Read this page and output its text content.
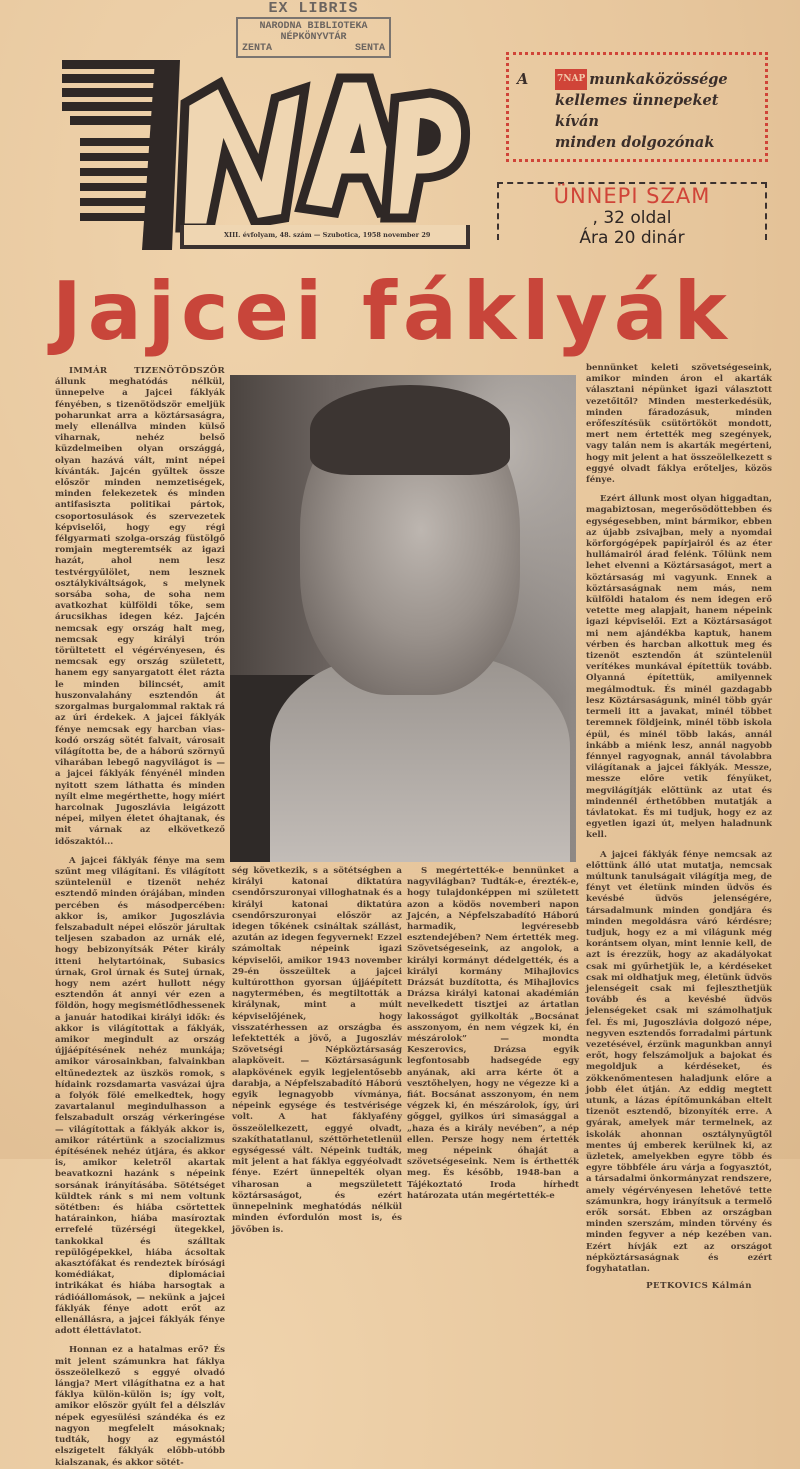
EX LIBRIS
NARODNA BIBLIOTEKA
NÉPKÖNYVTÁR
ZENTA	SENTA
XIII. évfolyam, 48. szám — Szubotica, 1958 november 29
A	7NAP munkaközössége
kellemes ünnepeket
kíván
minden dolgozónak
ÜNNEPI SZAM
, 32 oldal
Ára 20 dinár
Jajcei fáklyák

IMMÁR TIZENÖTÖDSZÖR állunk meghatódás nélkül, ünnepelve a Jajcei fáklyák fényében, s tizenötödször emeljük poharunkat arra a köztársaságra, mely ellenállva minden külső viharnak, nehéz belső küzdelmeiben olyan országgá, olyan hazává vált, mint népei kívánták. Jajcén gyűltek össze először minden nemzetiségek, minden felekezetek és minden antifasiszta politikai pártok, csoportosulások és szervezetek képviselői, hogy egy régi félgyarmati szolga-ország füstölgő romjain megteremtsék az igazi hazát, ahol nem lesz testvérgyűlölet, nem lesznek osztálykiváltságok, s melynek sorsába soha, de soha nem avatkozhat külföldi tőke, sem árucsikhas idegen kéz. Jajcén nemcsak egy ország halt meg, nemcsak egy királyi trón törültetett el végérvényesen, és nemcsak egy ország született, hanem egy sanyargatott élet rázta le minden bilincsét, amit huszonvalahány esztendőn át szorgalmas burgalommal raktak rá az úri érdekek. A jajcei fáklyák fénye nemcsak egy harcban viaskodó ország sötét falvait, városait világította be, de a háború szörnyű viharában lebegő nagyvilágot is — a jajcei fáklyák fényénél minden nyitott szem láthatta és minden nyílt elme megérthette, hogy miért harcolnak Jugoszlávia leigázott népei, milyen életet óhajtanak, és mit várnak az elkövetkező időszaktól...

A jajcei fáklyák fénye ma sem szűnt meg világítani. És világított szüntelenül e tizenöt nehéz esztendő minden órájában, minden percében és másodpercében: akkor is, amikor Jugoszlávia felszabadult népei először járultak teljesen szabadon az urnák elé, hogy bebizonyítsák Péter király itteni helytartóinak, Subasics úrnak, Grol úrnak és Sutej úrnak, hogy nem azért hullott négy esztendőn át annyi vér ezen a földön, hogy megismétlődhessenek a január hatodikai királyi idők: és akkor is világítottak a fáklyák, amikor megindult az ország újjáépítésének nehéz munkája; amikor városainkban, falvainkban eltűnedeztek az üszkös romok, s hídaink rozsdamarta vasvázai újra a folyók fölé emelkedtek, hogy zavartalanul megindulhasson a felszabadult ország vérkeringése — világítottak a fáklyák akkor is, amikor rátértünk a szocializmus építésének nehéz útjára, és akkor is, amikor keletről akartak beavatkozni hazánk s népeink sorsának irányításába. Sötétséget küldtek ránk s mi nem voltunk sötétben: és hiába csörtettek határainkon, hiába masíroztak errefelé tüzérségi ütegekkel, tankokkal és szálltak repülőgépekkel, hiába ácsoltak akasztófákat és rendeztek bírósági komédiákat, diplomáciai intrikákat és hiába harsogtak a rádióállomások, — nekünk a jajcei fáklyák fénye adott erőt az ellenállásra, a jajcei fáklyák fénye adott élettávlatot.

Honnan ez a hatalmas erő? És mit jelent számunkra hat fáklya összeölelkező s eggyé olvadó lángja? Mert világíthatna ez a hat fáklya külön-külön is; így volt, amikor először gyúlt fel a délszláv népek egyesülési szándéka és ez nagyon megfelelt másoknak; tudták, hogy az egymástól elszigetelt fáklyák előbb-utóbb kialszanak, és akkor sötét-

ség következik, s a sötétségben a királyi katonai diktatúra csendőrszuronyai villoghatnak és a királyi katonai diktatúra csendőrszuronyai először az idegen tőkének csináltak szállást, azután az idegen fegyvernek! Ezzel számoltak népeink igazi képviselői, amikor 1943 november 29-én összeültek a jajcei kultúrotthon gyorsan újjáépített nagytermében, és megtiltották a királynak, mint a múlt képviselőjének, hogy visszatérhessen az országba és lefektették a jövő, a Jugoszláv Szövetségi Népköztársaság alapköveit. — Köztársaságunk alapkövének egyik legjelentősebb darabja, a Népfelszabadító Háború egyik legnagyobb vívmánya, népeink egysége és testvérisége volt. A hat fáklyafény összeölelkezett, eggyé olvadt, szakíthatatlanul, széttörhetetlenül egységessé vált. Népeink tudták, mit jelent a hat fáklya eggyéolvadt fénye. Ezért ünnepelték olyan viharosan a megszületett köztársaságot, és ezért ünnepelnink meghatódás nélkül minden évfordulón most is, és jövőben is.

S megértették-e bennünket a nagyvilágban? Tudták-e, érezték-e, hogy tulajdonképpen mi született azon a ködös novemberi napon Jajcén, a Népfelszabadító Háború harmadik, legvéresebb esztendejében? Nem értették meg. Szövetségeseink, az angolok, a királyi kormányt dédelgették, és a királyi kormány Mihajlovics Drázsát buzdította, és Mihajlovics Drázsa királyi katonai akadémián nevelkedett tisztjei az ártatlan lakosságot gyilkolták „Bocsánat asszonyom, én nem végzek ki, én mészárolok” — mondta Keszerovics, Drázsa egyik legfontosabb hadsegéde egy anyának, aki arra kérte őt a vesztőhelyen, hogy ne végezze ki a fiát. Bocsánat asszonyom, én nem végzek ki, én mészárolok, így, úri gőggel, gyilkos úri simasággal a „haza és a király nevében”, a nép ellen. Persze hogy nem értették meg népeink óhaját a szövetségeseink. Nem is érthették meg. És később, 1948-ban a Tájékoztató Iroda hírhedt határozata után megértették-e

bennünket keleti szövetségeseink, amikor minden áron el akarták választani népünket igazi választott vezetőitől? Minden mesterkedésük, minden fáradozásuk, minden erőfeszítésük csütörtököt mondott, mert nem értették meg szegények, vagy talán nem is akarták megérteni, hogy mit jelent a hat összeölelkezett s eggyé olvadt fáklya erőteljes, közös fénye.

Ezért állunk most olyan higgadtan, magabiztosan, megerősödöttebben és egységesebben, mint bármikor, ebben az újabb zsivajban, mely a nyomdai körforgógépek papírjairól és az éter hullámairól árad felénk. Tőlünk nem lehet elvenni a Köztársaságot, mert a köztársaság mi vagyunk. Ennek a köztársaságnak nem más, nem külföldi hatalom és nem idegen erő vetette meg alapjait, hanem népeink igazi képviselői. Ezt a Köztársaságot mi nem ajándékba kaptuk, hanem vérben és harcban alkottuk meg és tizenöt esztendőn át szüntelenül verítékes munkával építettük tovább. Olyanná építettük, amilyennek megálmodtuk. És minél gazdagabb lesz Köztársaságunk, minél több gyár termeli itt a javakat, minél többet teremnek földjeink, minél több iskola épül, és minél több lakás, annál inkább a miénk lesz, annál nagyobb fénnyel ragyognak, annál távolabbra világítanak a jajcei fáklyák. Messze, messze előre vetik fényüket, megvilágítják előttünk az utat és mindennél érthetőbben mutatják a távlatokat. És mi tudjuk, hogy ez az egyetlen igazi út, melyen haladnunk kell.

A jajcei fáklyák fénye nemcsak az előttünk álló utat mutatja, nemcsak múltunk tanulságait világítja meg, de fényt vet életünk minden üdvös és kevésbé üdvös jelenségére, társadalmunk minden gondjára és minden megoldásra váró kérdésre; tudjuk, hogy ez a mi világunk még korántsem olyan, mint lennie kell, de azt is érezzük, hogy az akadályokat csak mi gyűrhetjük le, a kérdéseket csak mi oldhatjuk meg, életünk üdvös jelenségeit csak mi fejleszthetjük tovább és a kevésbé üdvös jelenségeket csak mi számolhatjuk fel. És mi, Jugoszlávia dolgozó népe, negyven esztendős forradalmi pártunk vezetésével, érzünk magunkban annyi erőt, hogy felszámoljuk a bajokat és megoldjuk a kérdéseket, és zökkenőmentesen haladjunk előre a jobb élet útján. Az eddig megtett utunk, a lázas építőmunkában eltelt tizenöt esztendő, bizonyíték erre. A gyárak, amelyek már termelnek, az iskolák ahonnan osztálynyűgtől mentes új emberek kerülnek ki, az üzletek, amelyekben egyre több és egyre többféle áru várja a fogyasztót, a társadalmi önkormányzat rendszere, amely végérvényesen lehetővé tette számunkra, hogy irányítsuk a termelő erők sorsát. Ebben az országban minden szerszám, minden törvény és minden fegyver a nép kezében van. Ezért hívják ezt az országot népköztársaságnak és ezért fogyhatatlan.

PETKOVICS Kálmán
